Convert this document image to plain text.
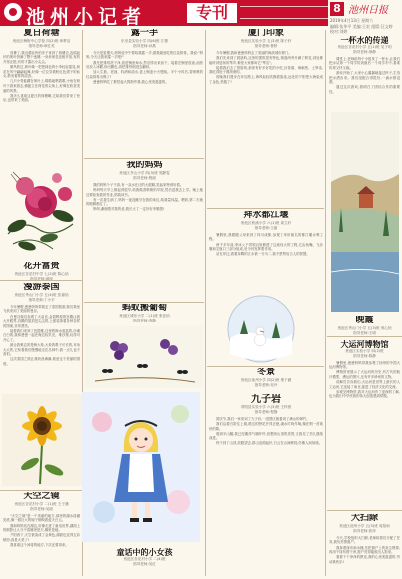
池州小记者	专刊	8 池州日报
2019年4月13日 星期六
编辑:张华平 美编:王宏 组版:汪文婷
校对:刘婷
夏日荷塘
贵池区梅街中心学校 四(2)班 章梦洁
指导老师:章红英

放暑了,我迈着轻快的步子来到了荷塘边,连绵起伏的荷叶挤满了整个池塘,一朵朵荷花竞相开放,有的开得正艳,有的才露出小尖尖。

微风吹过,荷叶像一把把绿色的小伞轻轻摇晃,荷花在风中翩翩起舞,好像一位位穿着粉红色裙子的仙女,散发着阵阵清香。

几只小青蛙蹲在荷叶上,呱呱地唱着歌,小鱼在荷叶下游来游去,蜻蜓立在荷花的尖角上,好像在欣赏美丽的风景。

我多么喜欢这夏日的荷塘啊,它给我们带来了快乐,也带来了美丽。

花开富贵
贵池区杏花村中学 七(2)班 陈心怡
指导老师:章萍
漫游泰国
贵池区秀山门小学 五(4)班 张嘉怡
指导老师:丁小平

今年暑假,爸爸妈妈带我去了泰国旅游,我们乘坐飞机来到了美丽的曼谷。

在曼谷我们参观了大皇宫,金碧辉煌的宫殿让我大开眼界,宫殿的屋顶是尖尖的,上面装饰着各种各样的图案,非常漂亮。

接着我们来到了芭提雅,这里的海水蓝蓝的,沙滩白白的,我和爸爸一起在海边捡贝壳、堆沙堡,玩得可开心了。

最让我难忘的是骑大象,大象的鼻子长长的,耳朵大大的,它驮着我们慢慢地走在丛林中,我一点儿也不害怕。

这次泰国之旅让我收获满满,我爱这个美丽的国度。

天空之镜
贵池区杏花村小学 二(1)班 王子涵
指导老师:吴丽

"天空之镜"是一个美丽的地方,那里的湖水清澈见底,像一面巨大的镜子倒映着蓝天白云。

我和妈妈站在湖边,好像走进了童话世界,湖面上的倒影让人分不清哪里是天,哪里是地。

夕阳西下,天空被染成了金黄色,湖面也变得五彩缤纷,真是太美了!

我喜欢这个神奇的地方,下次还要再来。

露一手
东至县实验小学 四(6)班 江蕾
指导老师:孙燕

今天是星期天,妈妈说中午要给我露一手,做我最爱吃的红烧排骨。我说:"妈妈,今天让我来露一手吧!"

我先把排骨洗干净,放进锅里焯水,然后捞出来沥干。接着在锅里放油,油热后放入冰糖,炒出糖色,再把排骨倒进去翻炒。

加入生抽、老抽、料酒和清水,盖上锅盖小火慢炖。半个小时后,香喷喷的红烧排骨出锅了!

爸爸妈妈吃了都竖起大拇指夸我,我心里美滋滋的。

我的妈妈
贵池区齐山小学 四(3)班 郭静雯
指导老师:程丽

我的妈妈个子不高,有一双水汪汪的大眼睛,笑起来特别好看。

妈妈每天早上都起得很早,给我做香喷喷的早饭,然后送我去上学。晚上她还要检查我的作业,陪我读书。

有一次我生病了,妈妈一夜没睡守在我的床边,给我量体温、喂药,第二天她的眼睛都红了。

妈妈,谢谢您对我的爱,我长大了一定好好孝顺您!

蚂蚁搬葡萄
贵池区城东小学 二(1)班 张佳怡
指导老师:李静
童话中的小女孩
贵池区杏花村小学 二(4)班
指导老师:吴红
厦门印象
贵池区实验小学 五(3)班 陈子轩
指导老师:鲁婷

今年暑假,我和爸爸妈妈去了美丽的海滨城市厦门。

我们先来到了鼓浪屿,这里的建筑很有特色,街道两旁开满了鲜花,到处都能听到悠扬的琴声,难怪大家都叫它"琴岛"。

接着我们去了曾厝垵,那里有好多好吃的小吃,沙茶面、海蛎煎、土笋冻,我吃得肚子圆滚滚的。

傍晚我们漫步在环岛路上,海风轻轻吹拂着脸庞,远处的夕阳把大海染成了金色,美极了!

拜水都江堰
贵池区秋浦小学 六(1)班 周立轩
指导老师:王丽

暑假里,我跟随父母来到了四川成都,参观了举世闻名的都江堰水利工程。

两千多年前,李冰父子带领百姓修建了这座伟大的工程,它由鱼嘴、飞沙堰和宝瓶口三部分组成,至今仍发挥着作用。

站在岸边,看着奔腾的江水被一分为二,我不禁赞叹古人的智慧。

冬景
贵池区池州小学 四(2)班 邢子涵
指导老师:吴丹
九子岩
青阳县实验小学 六(3)班 王梓萱
指导老师:程静

国庆节,我们一家来到了九子岩,一进景区就看到了满山的翠竹。

我们沿着石阶往上爬,路边的野花开得正艳,溪水叮咚作响,像在唱一首欢快的歌。

爬到半山腰,我已经累得气喘吁吁,但想到山顶的美景,又鼓足了劲儿继续前进。

终于到了山顶,放眼望去,群山连绵起伏,白云在山间缭绕,仿佛人间仙境。

一杯水的传递
贵池区杏花村小学 五(1)班 吴子玥
指导老师:徐静

课堂上,老师给每个小组发了一杯水,让我们把水从第一个同学传到最后一个同学手中,看谁传得又快又稳。

游戏开始了,大家小心翼翼地接过杯子,生怕把水洒出来。我们组配合得很好,一滴水都没洒。

通过这次游戏,我明白了团结合作的重要性。

晚霞
贵池区秀山门小学 五(3)班 何心怡
指导老师:王明
大运河博物馆
贵池区实验小学 四(2)班
指导老师:陈静

暑假里,爸爸妈妈带我参观了扬州的中国大运河博物馆。

博物馆里展示了大运河的历史,有古代的船只模型、漕运的图片,还有许多珍贵的文物。

讲解员告诉我们,大运河是世界上最长的人工运河,它连接了南北,促进了经济文化的交流。

参观完博物馆,我对大运河有了更深的了解,也为我们中华民族的伟大创造感到骄傲。

大扫除
贵池区池州小学 五(3)班 周星雨
指导老师:张萍

今天,学校组织大扫除,老师给我们分配了任务,我负责擦窗户。

我拿着抹布和水桶,先把窗户上的灰尘擦掉,再用干抹布擦干净,窗户亮得能照出人影来。

看着干干净净的教室,我的心里美滋滋的,劳动真快乐!
